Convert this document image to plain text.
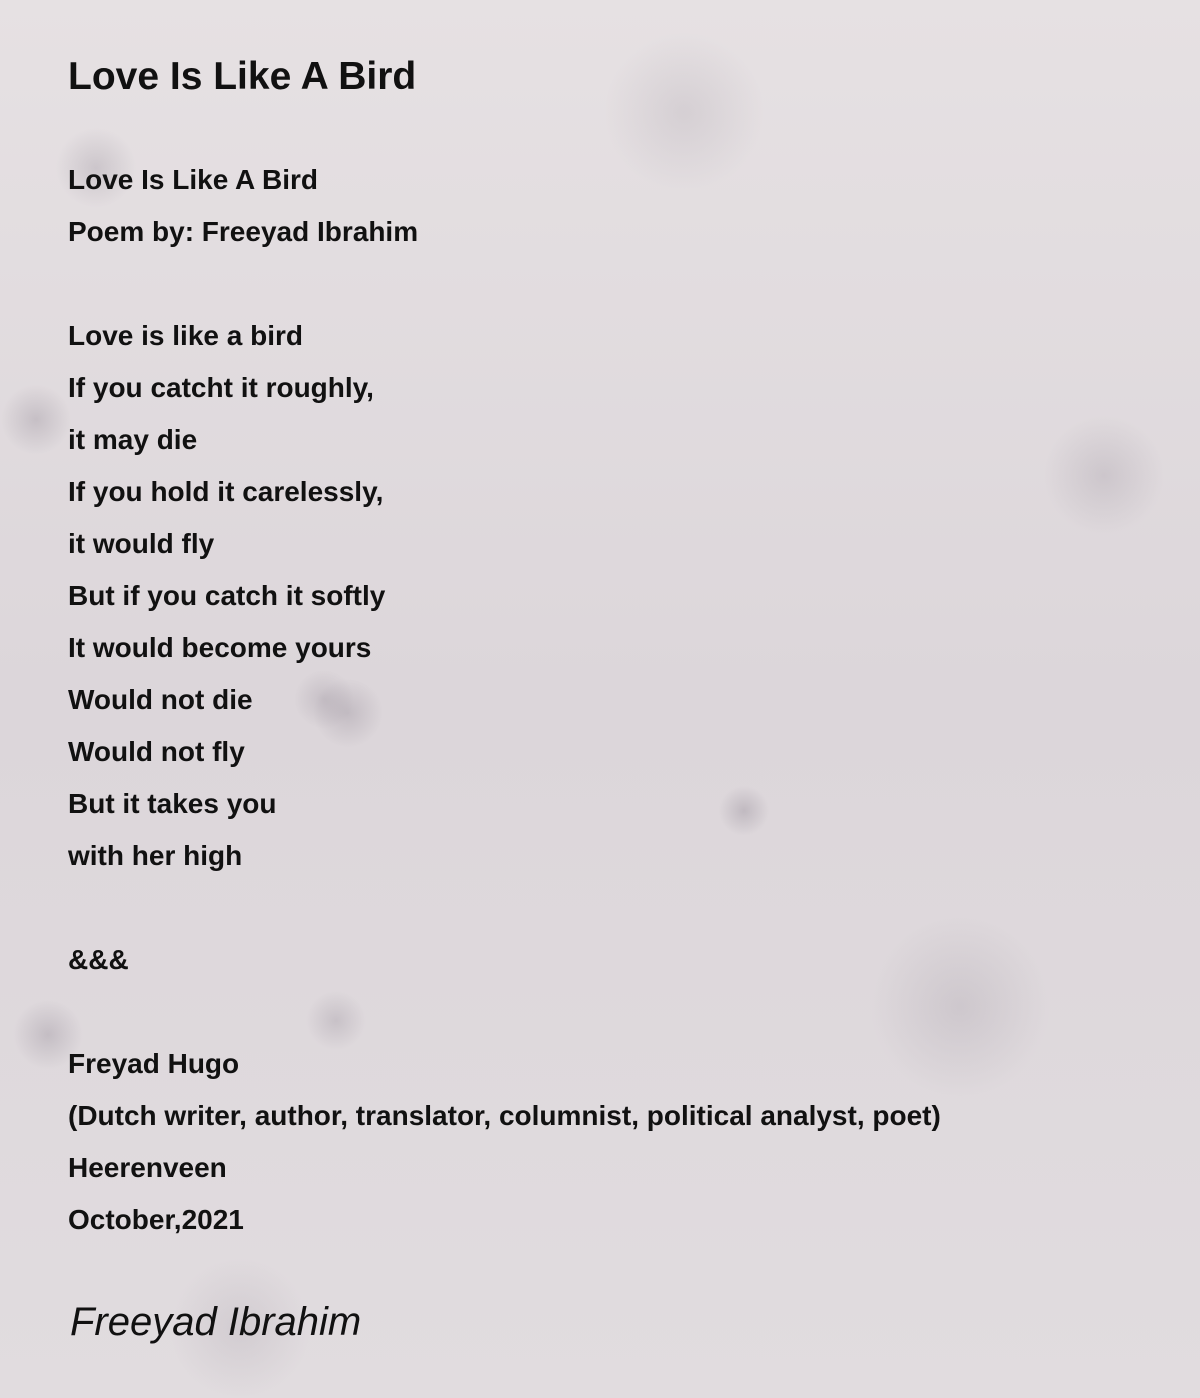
Love Is Like A Bird
Love Is Like A Bird
Poem by: Freeyad Ibrahim
Love is like a bird
If you catcht it roughly,
it may die
If you hold it carelessly,
it would fly
But if you catch it softly
It would become yours
Would not die
Would not fly
But it takes you
with her high
&&&
Freyad Hugo
(Dutch writer, author, translator, columnist, political analyst, poet)
Heerenveen
October,2021
Freeyad Ibrahim
